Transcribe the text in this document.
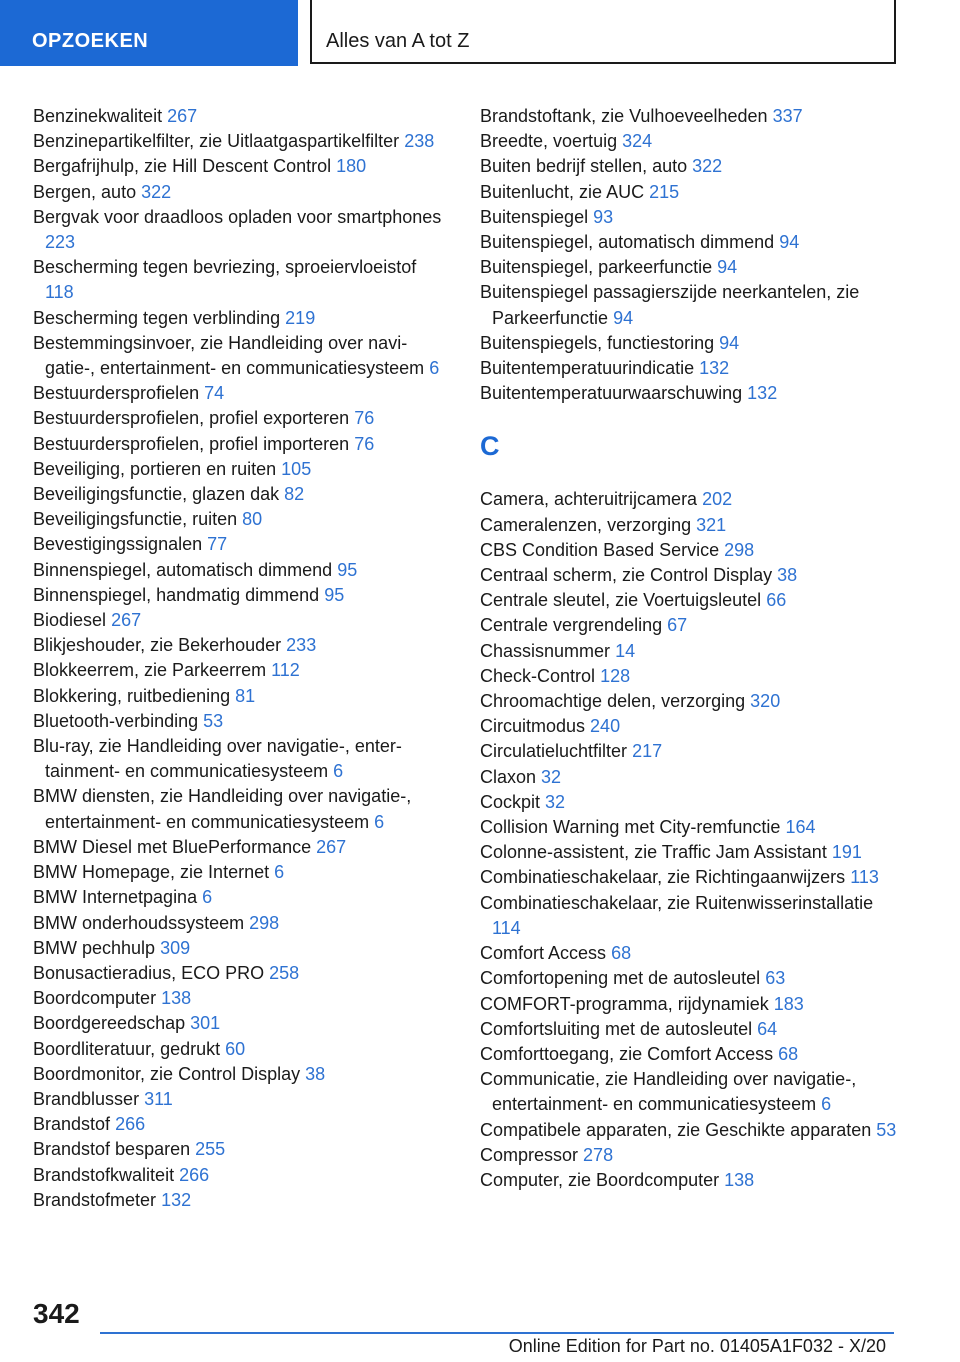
OPZOEKEN	Alles van A tot Z
Benzinekwaliteit 267
Benzinepartikelfilter, zie Uitlaatgaspartikelfilter 238
Bergafrijhulp, zie Hill Descent Control 180
Bergen, auto 322
Bergvak voor draadloos opladen voor smartphones 223
Bescherming tegen bevriezing, sproeiervloeistof 118
Bescherming tegen verblinding 219
Bestemmingsinvoer, zie Handleiding over navigatie-, entertainment- en communicatiesysteem 6
Bestuurdersprofielen 74
Bestuurdersprofielen, profiel exporteren 76
Bestuurdersprofielen, profiel importeren 76
Beveiliging, portieren en ruiten 105
Beveiligingsfunctie, glazen dak 82
Beveiligingsfunctie, ruiten 80
Bevestigingssignalen 77
Binnenspiegel, automatisch dimmend 95
Binnenspiegel, handmatig dimmend 95
Biodiesel 267
Blikjeshouder, zie Bekerhouder 233
Blokkeerrem, zie Parkeerrem 112
Blokkering, ruitbediening 81
Bluetooth-verbinding 53
Blu-ray, zie Handleiding over navigatie-, entertainment- en communicatiesysteem 6
BMW diensten, zie Handleiding over navigatie-, entertainment- en communicatiesysteem 6
BMW Diesel met BluePerformance 267
BMW Homepage, zie Internet 6
BMW Internetpagina 6
BMW onderhoudssysteem 298
BMW pechhulp 309
Bonusactieradius, ECO PRO 258
Boordcomputer 138
Boordgereedschap 301
Boordliteratuur, gedrukt 60
Boordmonitor, zie Control Display 38
Brandblusser 311
Brandstof 266
Brandstof besparen 255
Brandstofkwaliteit 266
Brandstofmeter 132
Brandstoftank, zie Vulhoeveelheden 337
Breedte, voertuig 324
Buiten bedrijf stellen, auto 322
Buitenlucht, zie AUC 215
Buitenspiegel 93
Buitenspiegel, automatisch dimmend 94
Buitenspiegel, parkeerfunctie 94
Buitenspiegel passagierszijde neerkantelen, zie Parkeerfunctie 94
Buitenspiegels, functiestoring 94
Buitentemperatuurindicatie 132
Buitentemperatuurwaarschuwing 132
C
Camera, achteruitrijcamera 202
Cameralenzen, verzorging 321
CBS Condition Based Service 298
Centraal scherm, zie Control Display 38
Centrale sleutel, zie Voertuigsleutel 66
Centrale vergrendeling 67
Chassisnummer 14
Check-Control 128
Chroomachtige delen, verzorging 320
Circuitmodus 240
Circulatieluchtfilter 217
Claxon 32
Cockpit 32
Collision Warning met City-remfunctie 164
Colonne-assistent, zie Traffic Jam Assistant 191
Combinatieschakelaar, zie Richtingaanwijzers 113
Combinatieschakelaar, zie Ruitenwisserinstallatie 114
Comfort Access 68
Comfortopening met de autosleutel 63
COMFORT-programma, rijdynamiek 183
Comfortsluiting met de autosleutel 64
Comforttoegang, zie Comfort Access 68
Communicatie, zie Handleiding over navigatie-, entertainment- en communicatiesysteem 6
Compatibele apparaten, zie Geschikte apparaten 53
Compressor 278
Computer, zie Boordcomputer 138
342
Online Edition for Part no. 01405A1F032 - X/20
